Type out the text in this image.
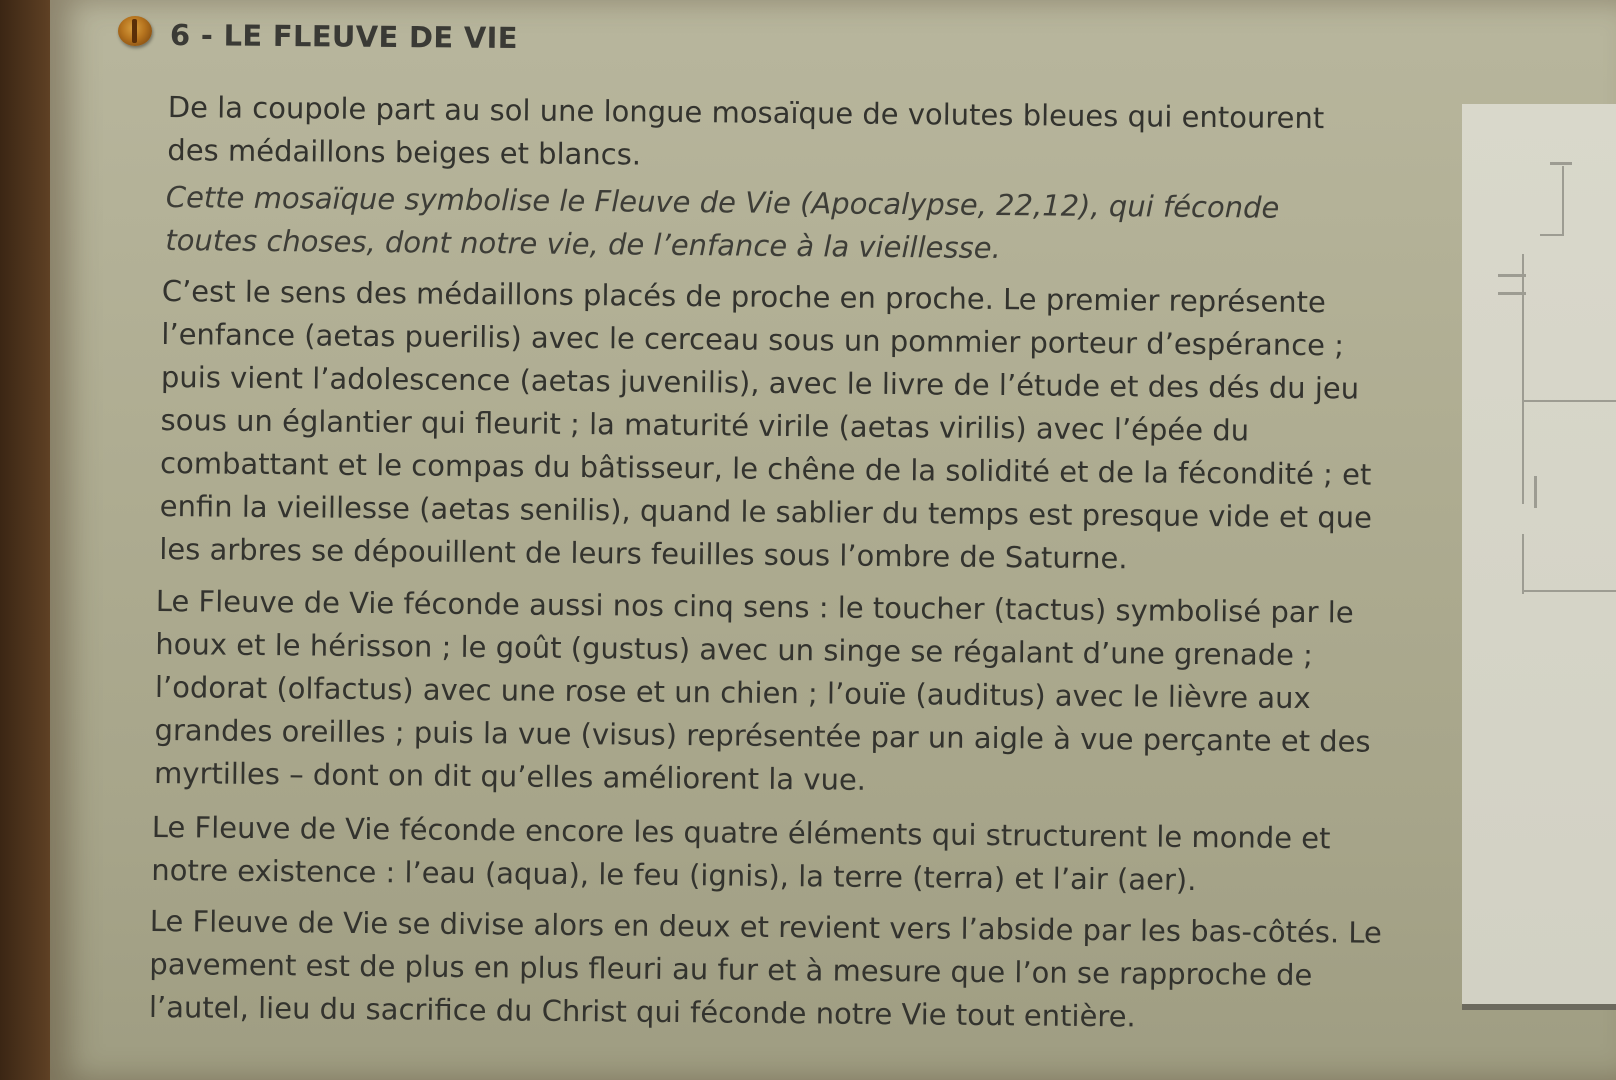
6 - LE FLEUVE DE VIE
De la coupole part au sol une longue mosaïque de volutes bleues qui entourent
des médaillons beiges et blancs.
Cette mosaïque symbolise le Fleuve de Vie (Apocalypse, 22,12), qui féconde
toutes choses, dont notre vie, de l’enfance à la vieillesse.
C’est le sens des médaillons placés de proche en proche. Le premier représente
l’enfance (aetas puerilis) avec le cerceau sous un pommier porteur d’espérance ;
puis vient l’adolescence (aetas juvenilis), avec le livre de l’étude et des dés du jeu
sous un églantier qui fleurit ; la maturité virile (aetas virilis) avec l’épée du
combattant et le compas du bâtisseur, le chêne de la solidité et de la fécondité ; et
enfin la vieillesse (aetas senilis), quand le sablier du temps est presque vide et que
les arbres se dépouillent de leurs feuilles sous l’ombre de Saturne.
Le Fleuve de Vie féconde aussi nos cinq sens : le toucher (tactus) symbolisé par le
houx et le hérisson ; le goût (gustus) avec un singe se régalant d’une grenade ;
l’odorat (olfactus) avec une rose et un chien ; l’ouïe (auditus) avec le lièvre aux
grandes oreilles ; puis la vue (visus) représentée par un aigle à vue perçante et des
myrtilles – dont on dit qu’elles améliorent la vue.
Le Fleuve de Vie féconde encore les quatre éléments qui structurent le monde et
notre existence : l’eau (aqua), le feu (ignis), la terre (terra) et l’air (aer).
Le Fleuve de Vie se divise alors en deux et revient vers l’abside par les bas-côtés. Le
pavement est de plus en plus fleuri au fur et à mesure que l’on se rapproche de
l’autel, lieu du sacrifice du Christ qui féconde notre Vie tout entière.
